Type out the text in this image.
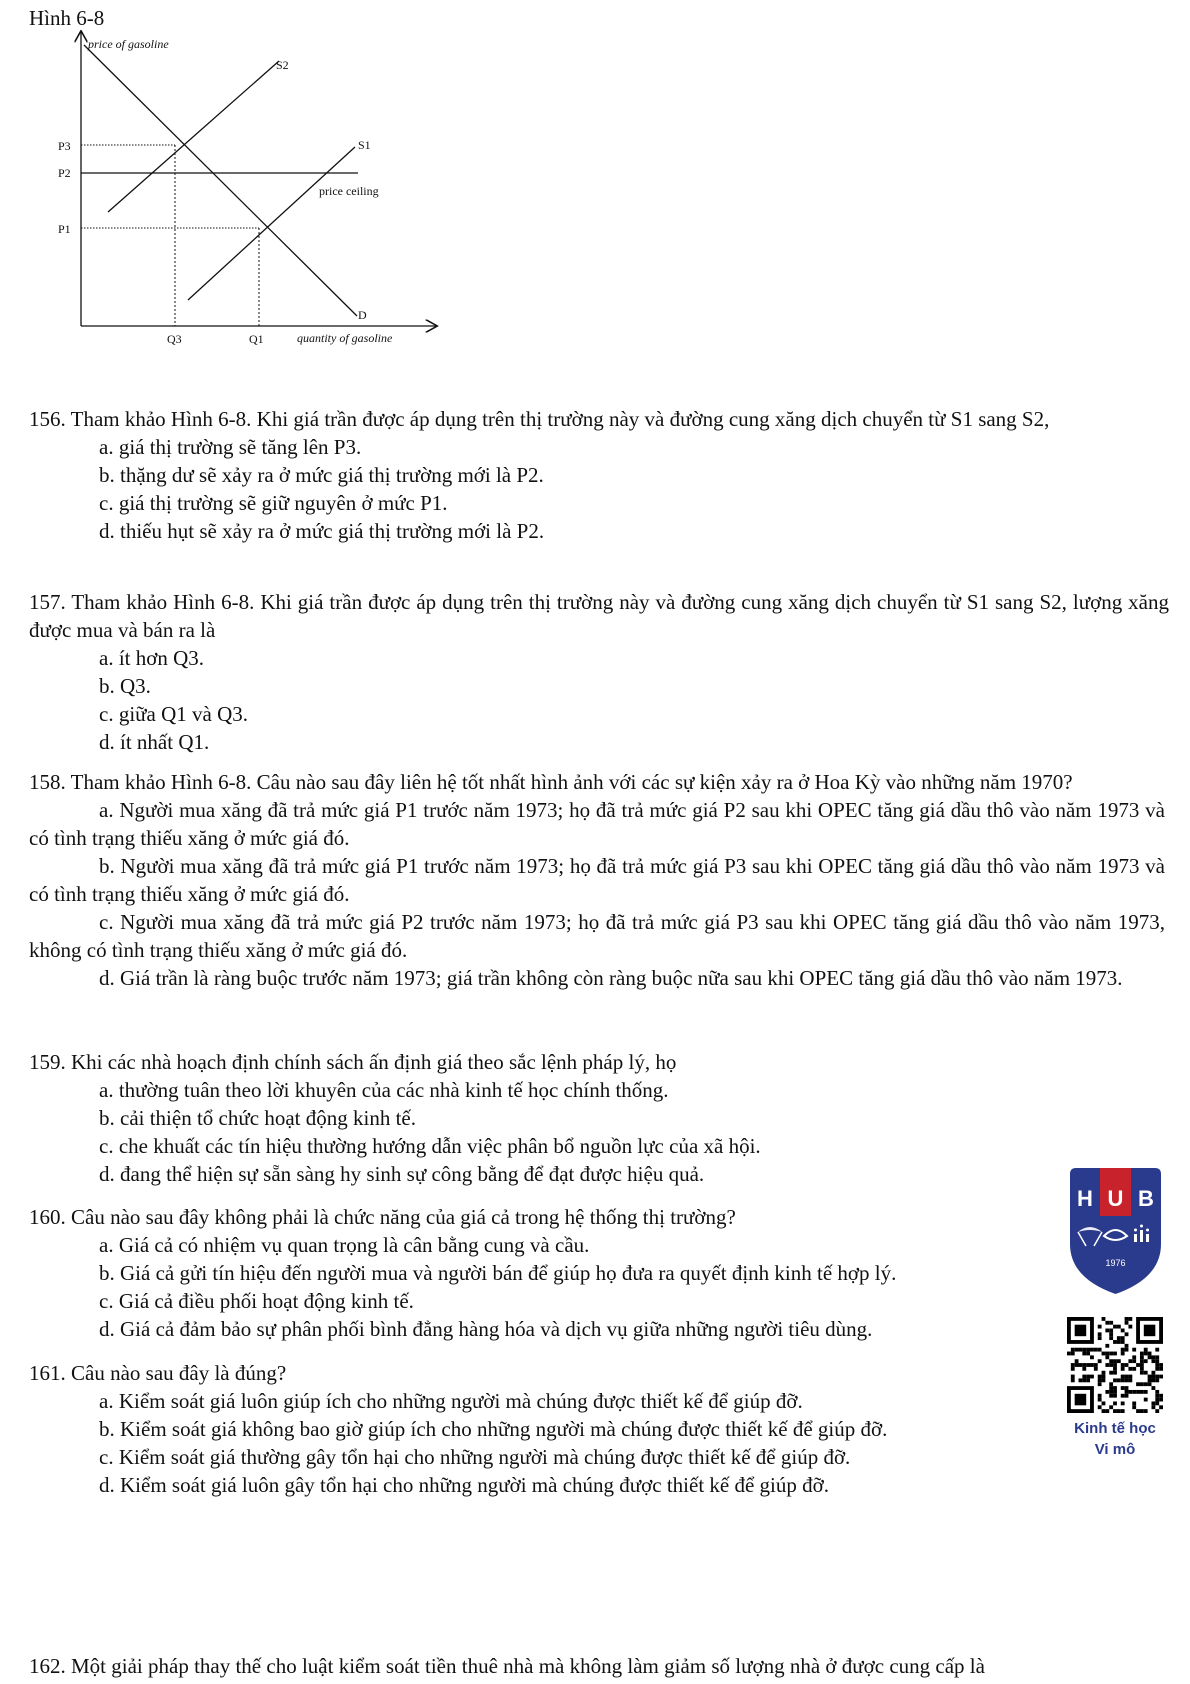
Hình 6-8
price of gasoline
quantity of gasoline
S2
S1
D
price ceiling
P3
P2
P1
Q3	Q1
156. Tham khảo Hình 6-8. Khi giá trần được áp dụng trên thị trường này và đường cung xăng dịch chuyển từ S1 sang S2,
a. giá thị trường sẽ tăng lên P3.
b. thặng dư sẽ xảy ra ở mức giá thị trường mới là P2.
c. giá thị trường sẽ giữ nguyên ở mức P1.
d. thiếu hụt sẽ xảy ra ở mức giá thị trường mới là P2.
157. Tham khảo Hình 6-8. Khi giá trần được áp dụng trên thị trường này và đường cung xăng dịch chuyển từ S1 sang S2, lượng xăng được mua và bán ra là
a. ít hơn Q3.
b. Q3.
c. giữa Q1 và Q3.
d. ít nhất Q1.
158. Tham khảo Hình 6-8. Câu nào sau đây liên hệ tốt nhất hình ảnh với các sự kiện xảy ra ở Hoa Kỳ vào những năm 1970?
a. Người mua xăng đã trả mức giá P1 trước năm 1973; họ đã trả mức giá P2 sau khi OPEC tăng giá dầu thô vào năm 1973 và có tình trạng thiếu xăng ở mức giá đó.
b. Người mua xăng đã trả mức giá P1 trước năm 1973; họ đã trả mức giá P3 sau khi OPEC tăng giá dầu thô vào năm 1973 và có tình trạng thiếu xăng ở mức giá đó.
c. Người mua xăng đã trả mức giá P2 trước năm 1973; họ đã trả mức giá P3 sau khi OPEC tăng giá dầu thô vào năm 1973, không có tình trạng thiếu xăng ở mức giá đó.
d. Giá trần là ràng buộc trước năm 1973; giá trần không còn ràng buộc nữa sau khi OPEC tăng giá dầu thô vào năm 1973.
159. Khi các nhà hoạch định chính sách ấn định giá theo sắc lệnh pháp lý, họ
a. thường tuân theo lời khuyên của các nhà kinh tế học chính thống.
b. cải thiện tổ chức hoạt động kinh tế.
c. che khuất các tín hiệu thường hướng dẫn việc phân bổ nguồn lực của xã hội.
d. đang thể hiện sự sẵn sàng hy sinh sự công bằng để đạt được hiệu quả.
160. Câu nào sau đây không phải là chức năng của giá cả trong hệ thống thị trường?
a. Giá cả có nhiệm vụ quan trọng là cân bằng cung và cầu.
b. Giá cả gửi tín hiệu đến người mua và người bán để giúp họ đưa ra quyết định kinh tế hợp lý.
c. Giá cả điều phối hoạt động kinh tế.
d. Giá cả đảm bảo sự phân phối bình đẳng hàng hóa và dịch vụ giữa những người tiêu dùng.
161. Câu nào sau đây là đúng?
a. Kiểm soát giá luôn giúp ích cho những người mà chúng được thiết kế để giúp đỡ.
b. Kiểm soát giá không bao giờ giúp ích cho những người mà chúng được thiết kế để giúp đỡ.
c. Kiểm soát giá thường gây tổn hại cho những người mà chúng được thiết kế để giúp đỡ.
d. Kiểm soát giá luôn gây tổn hại cho những người mà chúng được thiết kế để giúp đỡ.
162. Một giải pháp thay thế cho luật kiểm soát tiền thuê nhà mà không làm giảm số lượng nhà ở được cung cấp là
H U B
1976
Kinh tế học
Vi mô
